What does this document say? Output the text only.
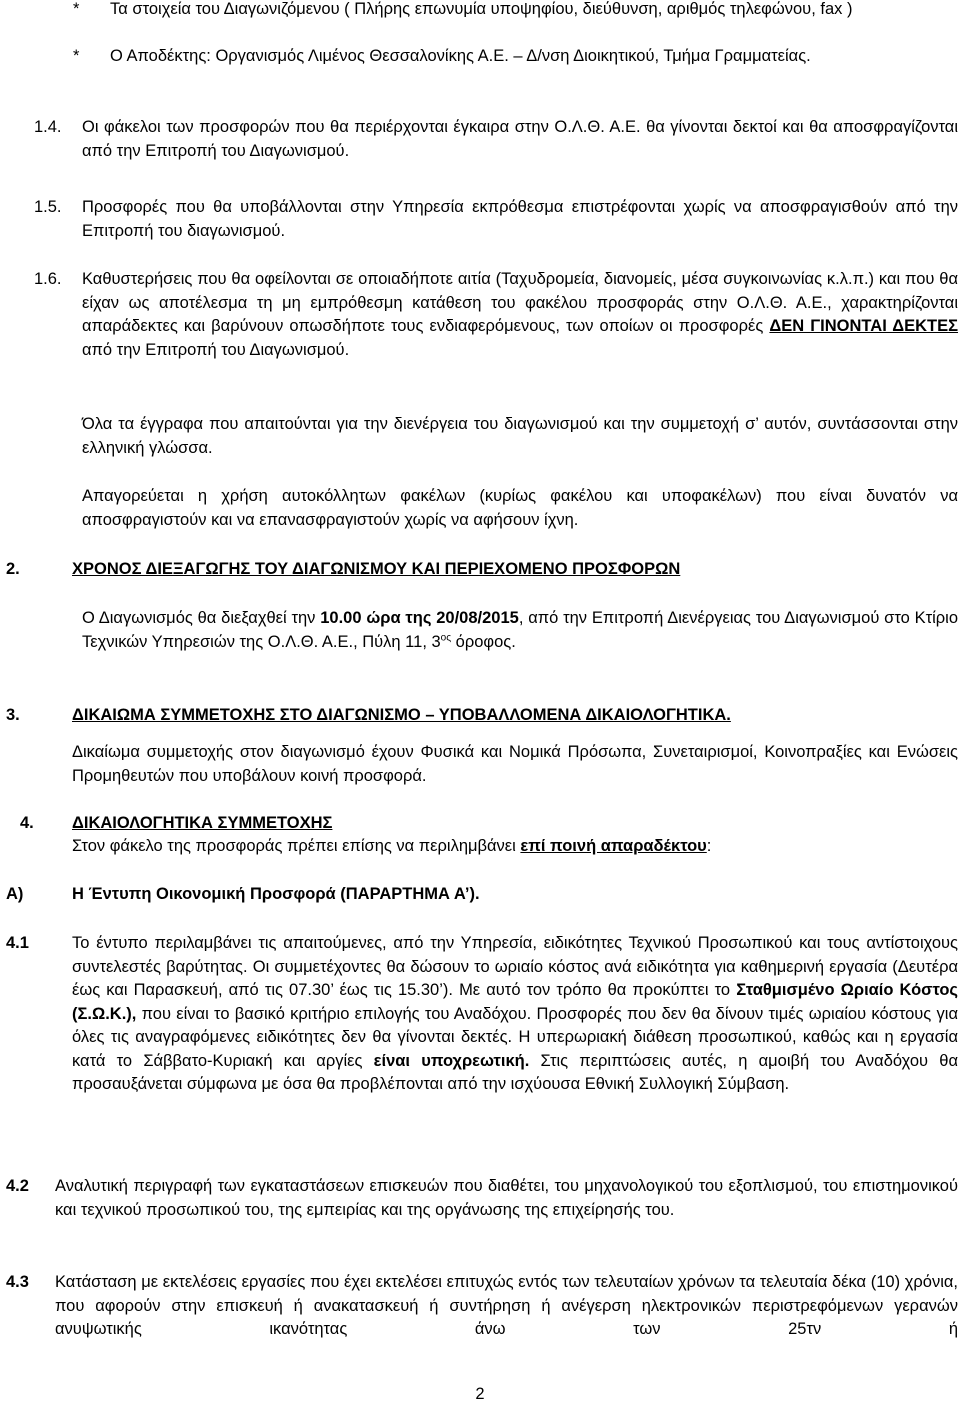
* Τα στοιχεία του Διαγωνιζόμενου ( Πλήρης επωνυμία υποψηφίου, διεύθυνση, αριθμός τηλεφώνου, fax )
* Ο Αποδέκτης: Οργανισμός Λιμένος Θεσσαλονίκης Α.Ε. – Δ/νση Διοικητικού, Τμήμα Γραμματείας.
1.4. Οι φάκελοι των προσφορών που θα περιέρχονται έγκαιρα στην Ο.Λ.Θ. Α.Ε. θα γίνονται δεκτοί και θα αποσφραγίζονται από την Επιτροπή του Διαγωνισμού.
1.5. Προσφορές που θα υποβάλλονται στην Υπηρεσία εκπρόθεσμα επιστρέφονται χωρίς να αποσφραγισθούν από την Επιτροπή του διαγωνισμού.
1.6. Καθυστερήσεις που θα οφείλονται σε οποιαδήποτε αιτία (Ταχυδρομεία, διανομείς, μέσα συγκοινωνίας κ.λ.π.) και που θα είχαν ως αποτέλεσμα τη μη εμπρόθεσμη κατάθεση του φακέλου προσφοράς στην Ο.Λ.Θ. Α.Ε., χαρακτηρίζονται απαράδεκτες και βαρύνουν οπωσδήποτε τους ενδιαφερόμενους, των οποίων οι προσφορές ΔΕΝ ΓΙΝΟΝΤΑΙ ΔΕΚΤΕΣ από την Επιτροπή του Διαγωνισμού.
Όλα τα έγγραφα που απαιτούνται για την διενέργεια του διαγωνισμού και την συμμετοχή σ’ αυτόν, συντάσσονται στην ελληνική γλώσσα.
Απαγορεύεται η χρήση αυτοκόλλητων φακέλων (κυρίως φακέλου και υποφακέλων) που είναι δυνατόν να αποσφραγιστούν και να επανασφραγιστούν χωρίς να αφήσουν ίχνη.
2.	ΧΡΟΝΟΣ ΔΙΕΞΑΓΩΓΗΣ ΤΟΥ ΔΙΑΓΩΝΙΣΜΟΥ ΚΑΙ ΠΕΡΙΕΧΟΜΕΝΟ ΠΡΟΣΦΟΡΩΝ
Ο Διαγωνισμός θα διεξαχθεί την 10.00 ώρα της 20/08/2015, από την Επιτροπή Διενέργειας του Διαγωνισμού στο Κτίριο Τεχνικών Υπηρεσιών της Ο.Λ.Θ. Α.Ε., Πύλη 11, $3^{o\varsigma}$ όροφος.
3.	ΔΙΚΑΙΩΜΑ ΣΥΜΜΕΤΟΧΗΣ ΣΤΟ ΔΙΑΓΩΝΙΣΜΟ – ΥΠΟΒΑΛΛΟΜΕΝΑ ΔΙΚΑΙΟΛΟΓΗΤΙΚΑ.
Δικαίωμα συμμετοχής στον διαγωνισμό έχουν Φυσικά και Νομικά Πρόσωπα, Συνεταιρισμοί, Κοινοπραξίες και Ενώσεις Προμηθευτών που υποβάλουν κοινή προσφορά.
4. ΔΙΚΑΙΟΛΟΓΗΤΙΚΑ ΣΥΜΜΕΤΟΧΗΣ
Στον φάκελο της προσφοράς πρέπει επίσης να περιλημβάνει επί ποινή απαραδέκτου:
Α)	Η Έντυπη Οικονομική Προσφορά (ΠΑΡΑΡΤΗΜΑ Α’).
4.1	Το έντυπο περιλαμβάνει τις απαιτούμενες, από την Υπηρεσία, ειδικότητες Τεχνικού Προσωπικού και τους αντίστοιχους συντελεστές βαρύτητας. Οι συμμετέχοντες θα δώσουν το ωριαίο κόστος ανά ειδικότητα για καθημερινή εργασία (Δευτέρα έως και Παρασκευή, από τις 07.30’ έως τις 15.30’). Με αυτό τον τρόπο θα προκύπτει το Σταθμισμένο Ωριαίο Κόστος (Σ.Ω.Κ.), που είναι το βασικό κριτήριο επιλογής του Αναδόχου. Προσφορές που δεν θα δίνουν τιμές ωριαίου κόστους για όλες τις αναγραφόμενες ειδικότητες δεν θα γίνονται δεκτές. Η υπερωριακή διάθεση προσωπικού, καθώς και η εργασία κατά το Σάββατο-Κυριακή και αργίες είναι υποχρεωτική. Στις περιπτώσεις αυτές, η αμοιβή του Αναδόχου θα προσαυξάνεται σύμφωνα με όσα θα προβλέπονται από την ισχύουσα Εθνική Συλλογική Σύμβαση.
4.2 Αναλυτική περιγραφή των εγκαταστάσεων επισκευών που διαθέτει, του μηχανολογικού του εξοπλισμού, του επιστημονικού και τεχνικού προσωπικού του, της εμπειρίας και της οργάνωσης της επιχείρησής του.
4.3 Κατάσταση με εκτελέσεις εργασίες που έχει εκτελέσει επιτυχώς εντός των τελευταίων χρόνων τα τελευταία δέκα (10) χρόνια, που αφορούν στην επισκευή ή ανακατασκευή ή συντήρηση ή ανέγερση ηλεκτρονικών περιστρεφόμενων γερανών ανυψωτικής ικανότητας άνω των 25τν ή
2
